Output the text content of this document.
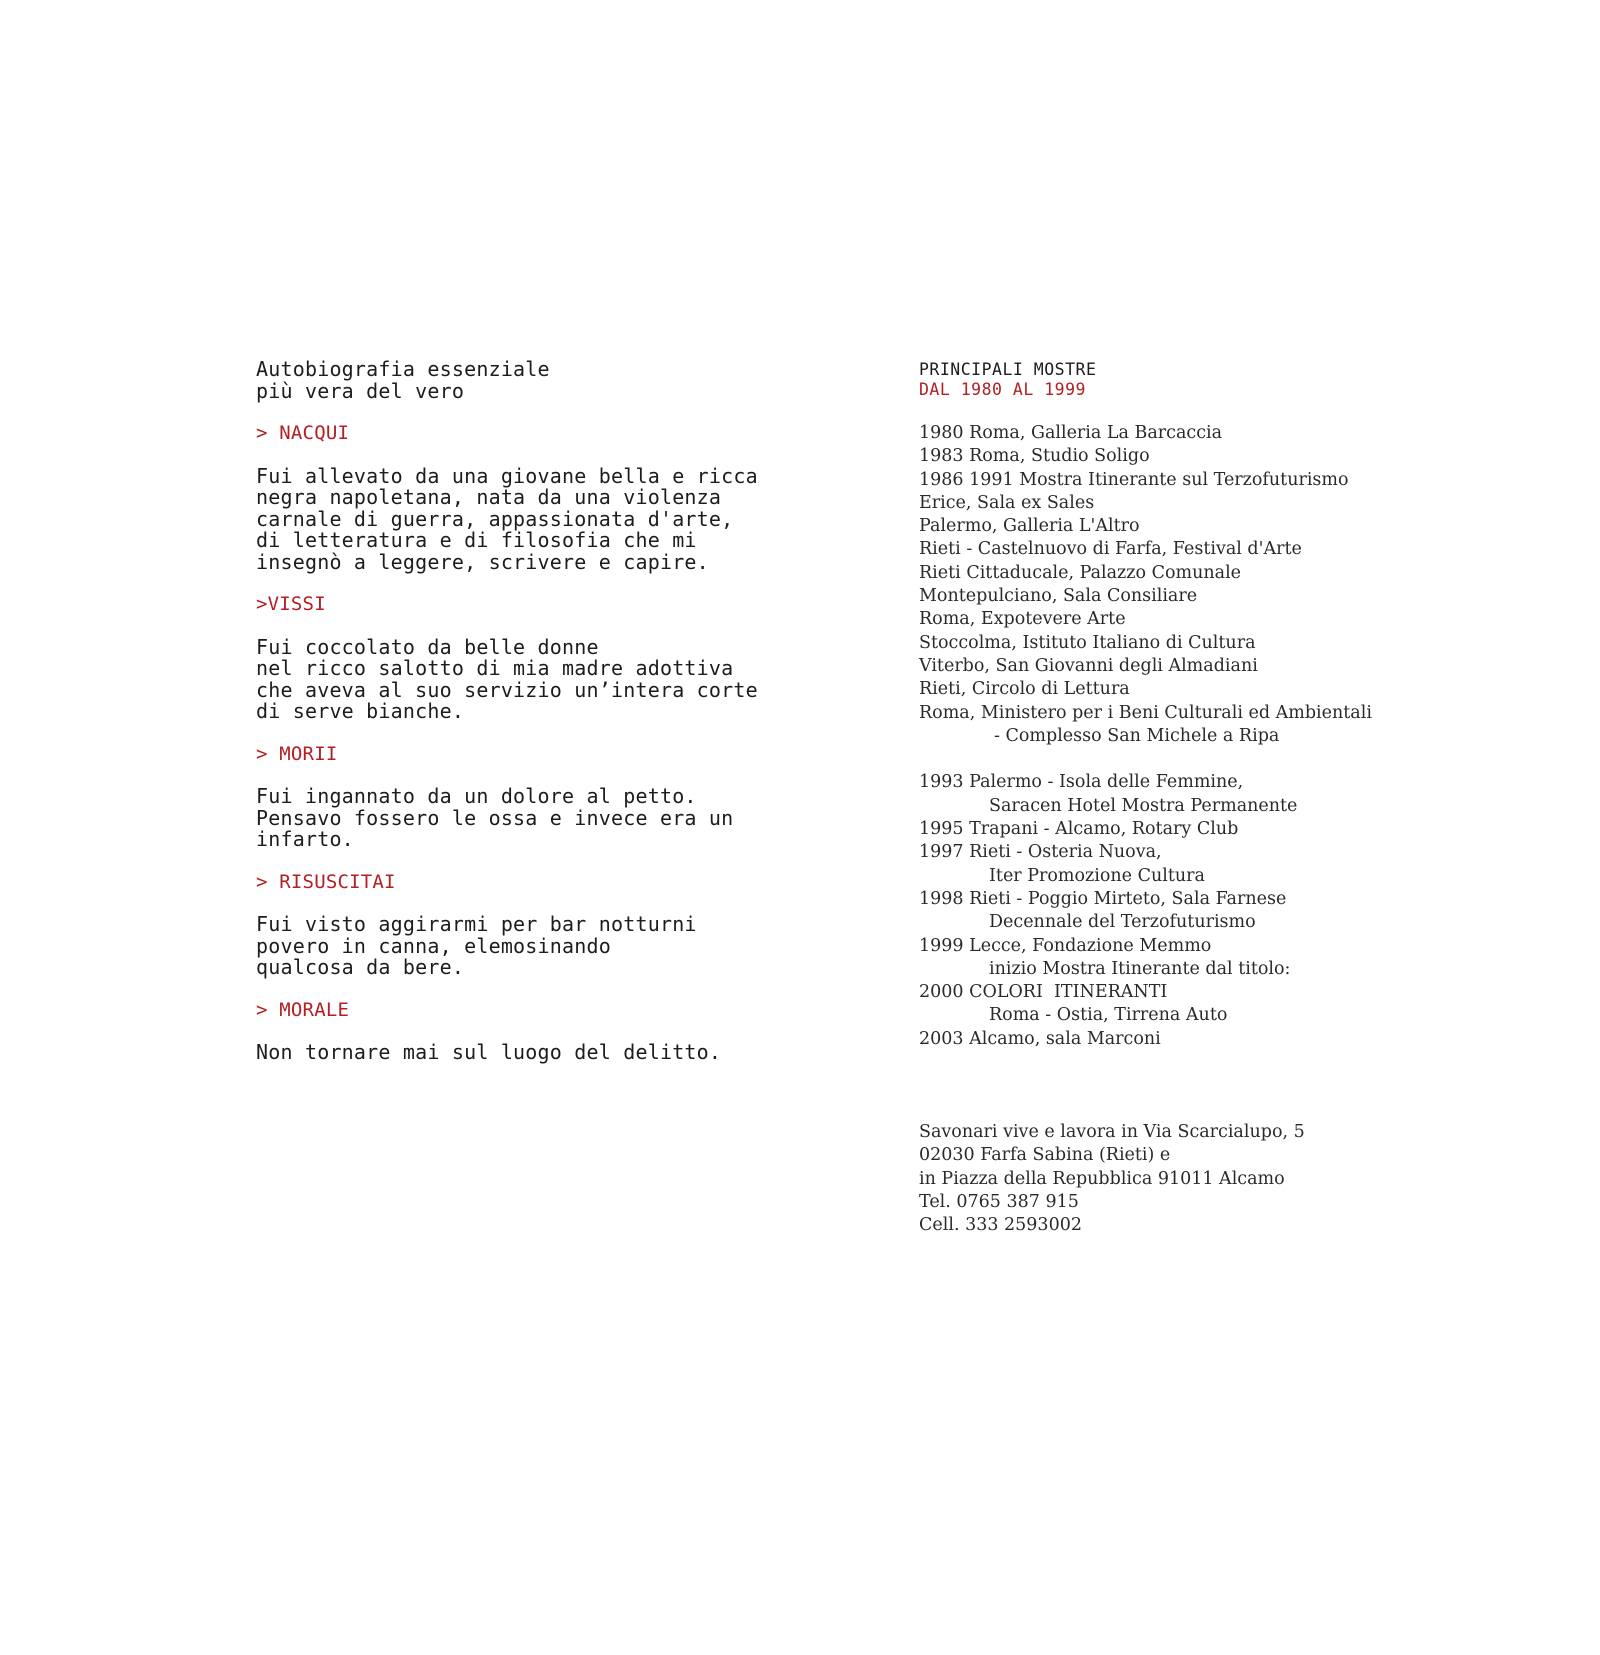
Autobiografia essenziale
più vera del vero

> NACQUI

Fui allevato da una giovane bella e ricca
negra napoletana, nata da una violenza
carnale di guerra, appassionata d'arte,
di letteratura e di filosofia che mi
insegnò a leggere, scrivere e capire.

>VISSI

Fui coccolato da belle donne
nel ricco salotto di mia madre adottiva
che aveva al suo servizio un’intera corte
di serve bianche.

> MORII

Fui ingannato da un dolore al petto.
Pensavo fossero le ossa e invece era un infarto.

> RISUSCITAI

Fui visto aggirarmi per bar notturni
povero in canna, elemosinando
qualcosa da bere.

> MORALE

Non tornare mai sul luogo del delitto.

PRINCIPALI MOSTRE
DAL 1980 AL 1999
1980 Roma, Galleria La Barcaccia
1983 Roma, Studio Soligo
1986 1991 Mostra Itinerante sul Terzofuturismo
Erice, Sala ex Sales
Palermo, Galleria L'Altro
Rieti - Castelnuovo di Farfa, Festival d'Arte
Rieti Cittaducale, Palazzo Comunale
Montepulciano, Sala Consiliare
Roma, Expotevere Arte
Stoccolma, Istituto Italiano di Cultura
Viterbo, San Giovanni degli Almadiani
Rieti, Circolo di Lettura
Roma, Ministero per i Beni Culturali ed Ambientali
- Complesso San Michele a Ripa
1993 Palermo - Isola delle Femmine,
Saracen Hotel Mostra Permanente
1995 Trapani - Alcamo, Rotary Club
1997 Rieti - Osteria Nuova,
Iter Promozione Cultura
1998 Rieti - Poggio Mirteto, Sala Farnese
Decennale del Terzofuturismo
1999 Lecce, Fondazione Memmo
inizio Mostra Itinerante dal titolo:
2000 COLORI  ITINERANTI
Roma - Ostia, Tirrena Auto
2003 Alcamo, sala Marconi
Savonari vive e lavora in Via Scarcialupo, 5
02030 Farfa Sabina (Rieti) e
in Piazza della Repubblica 91011 Alcamo
Tel. 0765 387 915
Cell. 333 2593002
